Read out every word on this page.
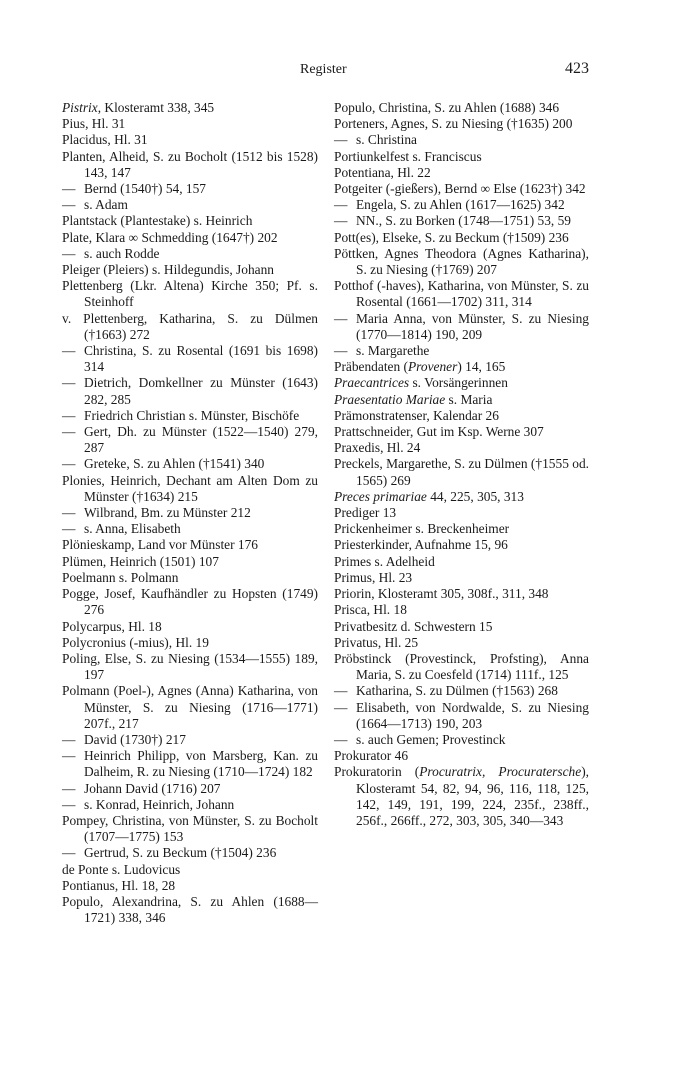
Register	423

Pistrix, Klosteramt 338, 345

Pius, Hl. 31

Placidus, Hl. 31

Planten, Alheid, S. zu Bocholt (1512 bis 1528) 143, 147

— Bernd (1540†) 54, 157

— s. Adam

Plantstack (Plantestake) s. Heinrich

Plate, Klara ∞ Schmedding (1647†) 202

— s. auch Rodde

Pleiger (Pleiers) s. Hildegundis, Johann

Plettenberg (Lkr. Altena) Kirche 350; Pf. s. Steinhoff

v. Plettenberg, Katharina, S. zu Dülmen (†1663) 272

— Christina, S. zu Rosental (1691 bis 1698) 314

— Dietrich, Domkellner zu Münster (1643) 282, 285

— Friedrich Christian s. Münster, Bischöfe

— Gert, Dh. zu Münster (1522—1540) 279, 287

— Greteke, S. zu Ahlen (†1541) 340

Plonies, Heinrich, Dechant am Alten Dom zu Münster (†1634) 215

— Wilbrand, Bm. zu Münster 212

— s. Anna, Elisabeth

Plönieskamp, Land vor Münster 176

Plümen, Heinrich (1501) 107

Poelmann s. Polmann

Pogge, Josef, Kaufhändler zu Hopsten (1749) 276

Polycarpus, Hl. 18

Polycronius (-mius), Hl. 19

Poling, Else, S. zu Niesing (1534—1555) 189, 197

Polmann (Poel-), Agnes (Anna) Katharina, von Münster, S. zu Niesing (1716—1771) 207f., 217

— David (1730†) 217

— Heinrich Philipp, von Marsberg, Kan. zu Dalheim, R. zu Niesing (1710—1724) 182

— Johann David (1716) 207

— s. Konrad, Heinrich, Johann

Pompey, Christina, von Münster, S. zu Bocholt (1707—1775) 153

— Gertrud, S. zu Beckum (†1504) 236

de Ponte s. Ludovicus

Pontianus, Hl. 18, 28

Populo, Alexandrina, S. zu Ahlen (1688—1721) 338, 346

Populo, Christina, S. zu Ahlen (1688) 346

Porteners, Agnes, S. zu Niesing (†1635) 200

— s. Christina

Portiunkelfest s. Franciscus

Potentiana, Hl. 22

Potgeiter (-gießers), Bernd ∞ Else (1623†) 342

— Engela, S. zu Ahlen (1617—1625) 342

— NN., S. zu Borken (1748—1751) 53, 59

Pott(es), Elseke, S. zu Beckum (†1509) 236

Pöttken, Agnes Theodora (Agnes Katharina), S. zu Niesing (†1769) 207

Potthof (-haves), Katharina, von Münster, S. zu Rosental (1661—1702) 311, 314

— Maria Anna, von Münster, S. zu Niesing (1770—1814) 190, 209

— s. Margarethe

Präbendaten (Provener) 14, 165

Praecantrices s. Vorsängerinnen

Praesentatio Mariae s. Maria

Prämonstratenser, Kalendar 26

Prattschneider, Gut im Ksp. Werne 307

Praxedis, Hl. 24

Preckels, Margarethe, S. zu Dülmen (†1555 od. 1565) 269

Preces primariae 44, 225, 305, 313

Prediger 13

Prickenheimer s. Breckenheimer

Priesterkinder, Aufnahme 15, 96

Primes s. Adelheid

Primus, Hl. 23

Priorin, Klosteramt 305, 308f., 311, 348

Prisca, Hl. 18

Privatbesitz d. Schwestern 15

Privatus, Hl. 25

Pröbstinck (Provestinck, Profsting), Anna Maria, S. zu Coesfeld (1714) 111f., 125

— Katharina, S. zu Dülmen (†1563) 268

— Elisabeth, von Nordwalde, S. zu Niesing (1664—1713) 190, 203

— s. auch Gemen; Provestinck

Prokurator 46

Prokuratorin (Procuratrix, Procuratersche), Klosteramt 54, 82, 94, 96, 116, 118, 125, 142, 149, 191, 199, 224, 235f., 238ff., 256f., 266ff., 272, 303, 305, 340—343
